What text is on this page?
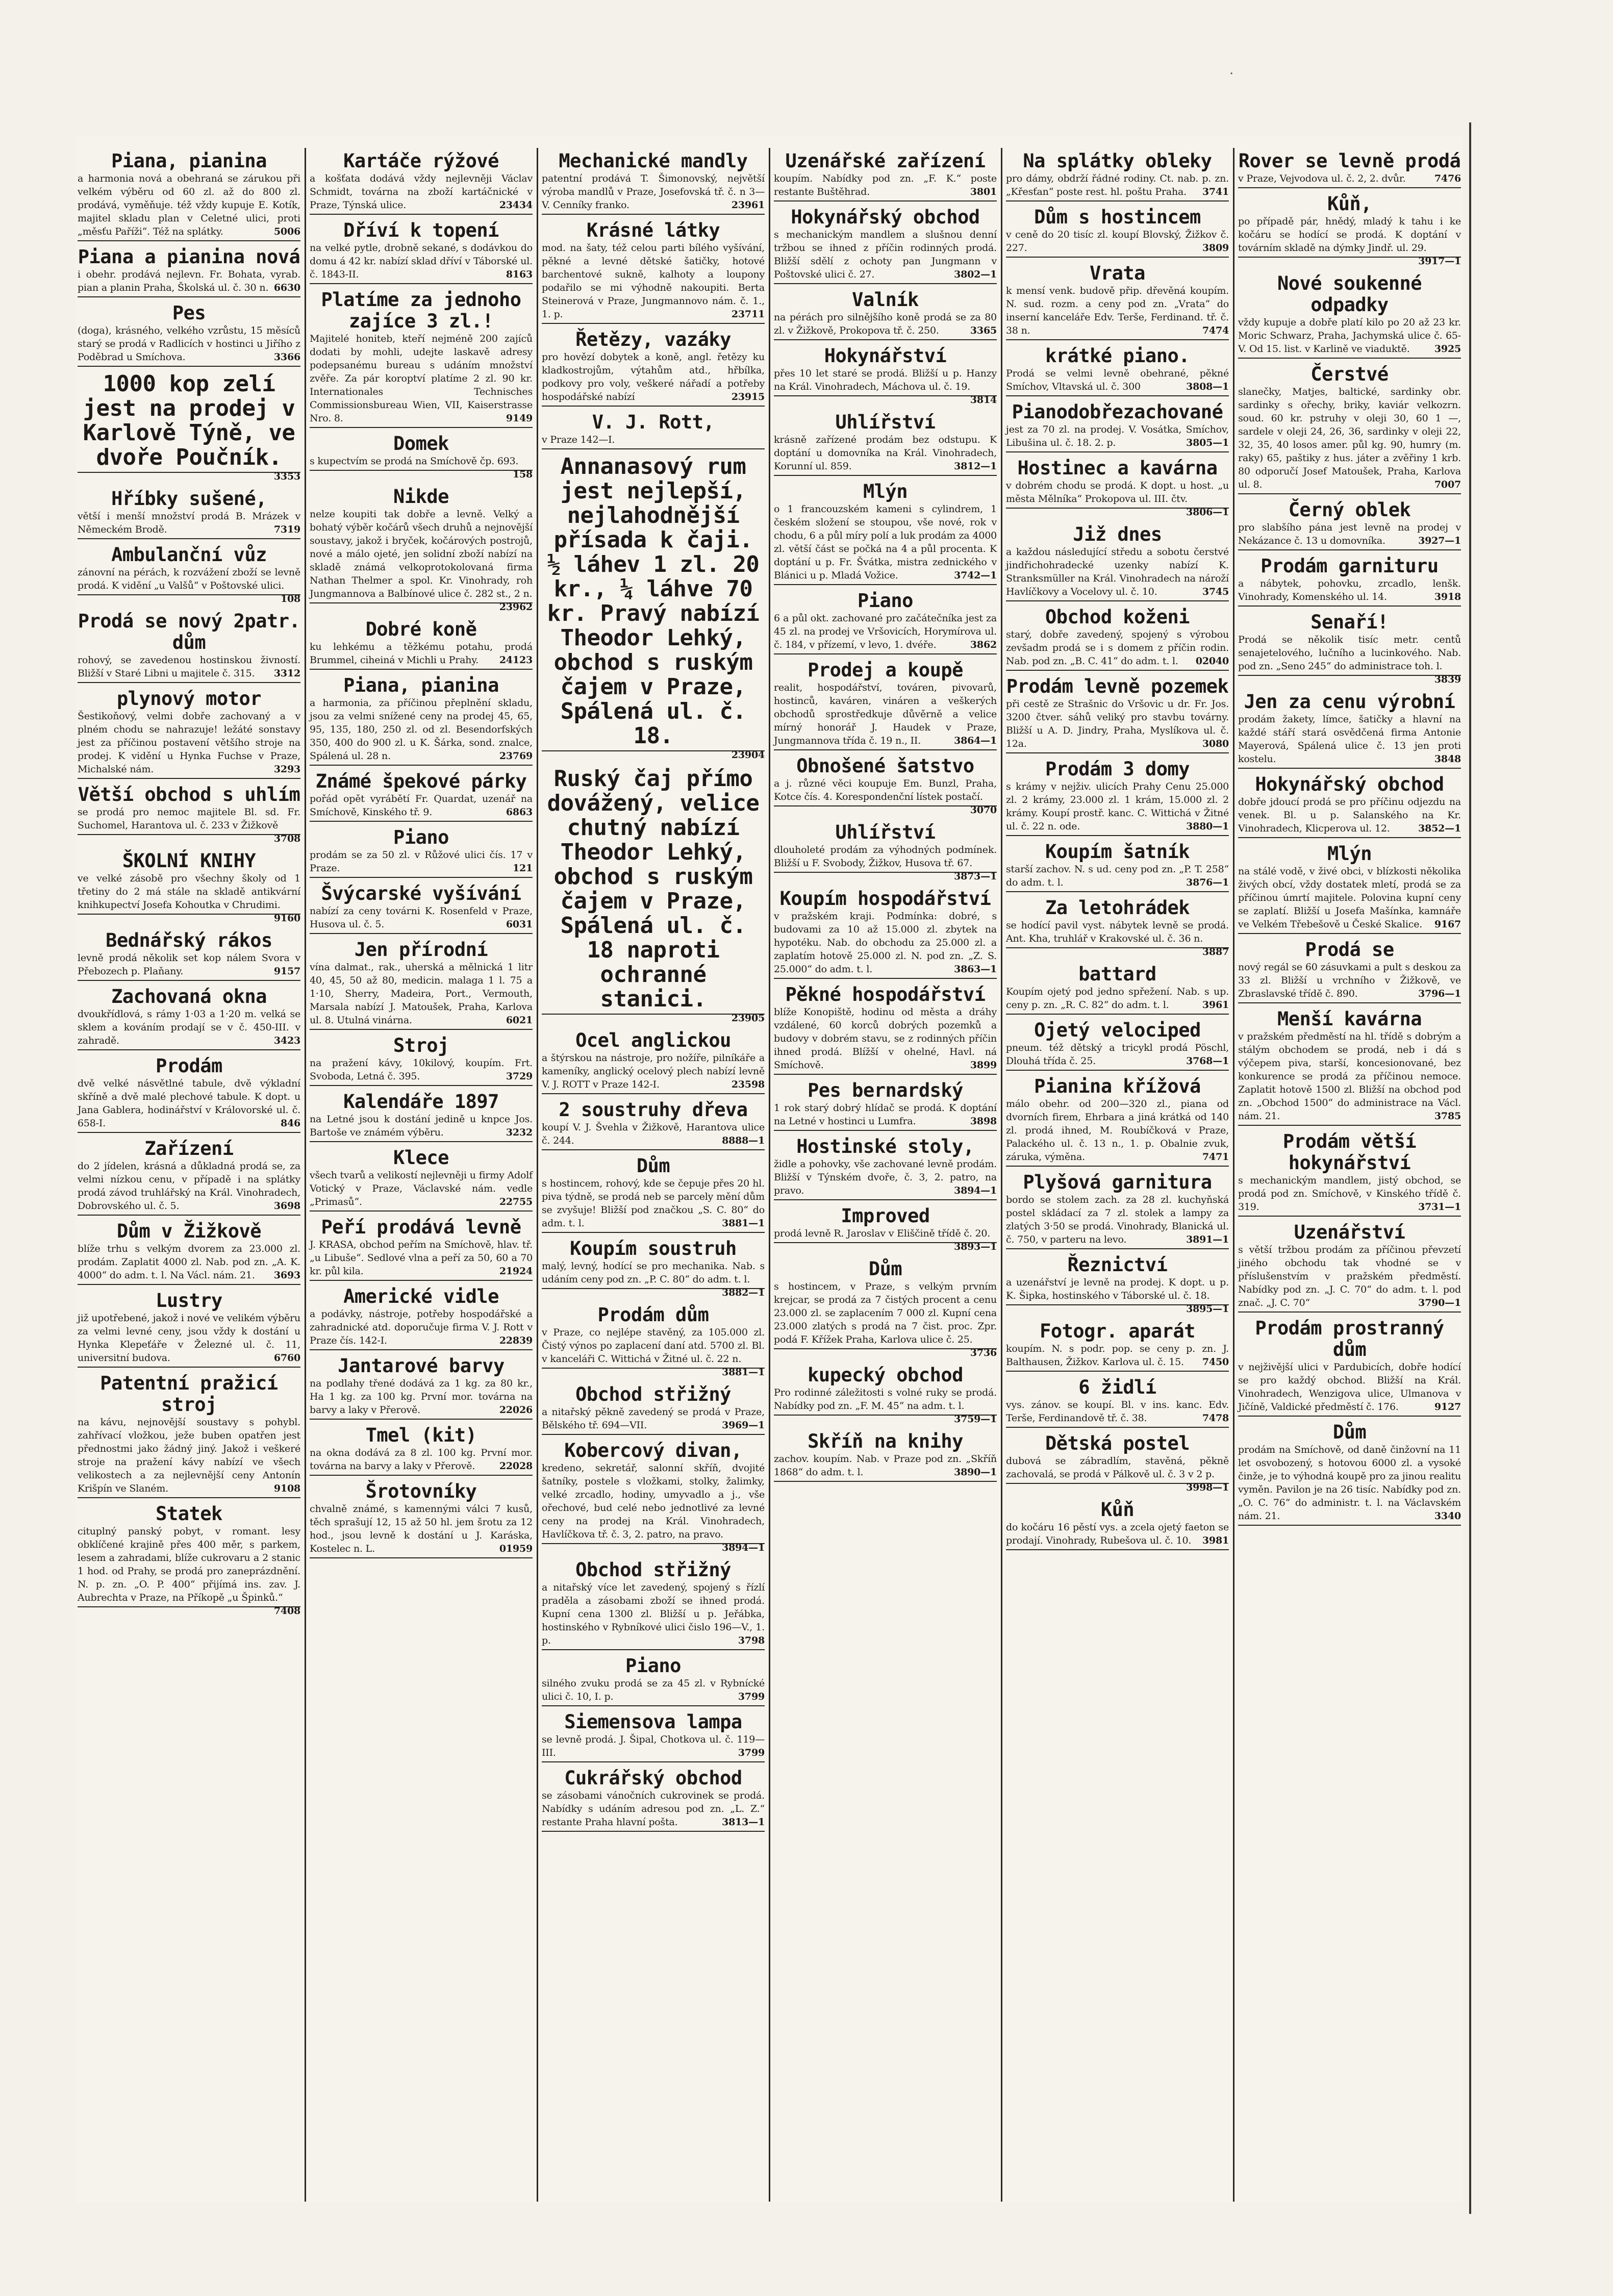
·
Piana, pianina

a harmonia nová a obehraná se zárukou při velkém výběru od 60 zl. až do 800 zl. prodává, vyměňuje. též vždy kupuje E. Kotík, majitel skladu plan v Celetné ulici, proti „měsťu Paříži“. Též na splátky.	5006

Piana a pianina nová

i obehr. prodává nejlevn. Fr. Bohata, vyrab. pian a planin Praha, Školská ul. č. 30 n. 6630

Pes

(doga), krásného, velkého vzrůstu, 15 měsíců starý se prodá v Radlicích v hostinci u Jiřího z Poděbrad u Smíchova.	3366

1000 kop zelí jest na prodej v Karlově Týně, ve dvoře Poučník.

3353

Hříbky sušené,

větší i menší množství prodá B. Mrázek v Německém Brodě.	7319

Ambulanční vůz

zánovní na pérách, k rozvážení zboží se levně prodá. K vidění „u Valšů“ v Poštovské ulici.
108

Prodá se nový 2patr. dům

rohový, se zavedenou hostinskou živností. Bližší v Staré Libni u majitele č. 315. 3312

plynový motor

Šestikoňový, velmi dobře zachovaný a v plném chodu se nahrazuje! ležáté sonstavy jest za příčinou postavení většího stroje na prodej. K vidění u Hynka Fuchse v Praze, Michalské nám.	3293

Větší obchod s uhlím

se prodá pro nemoc majitele Bl. sd. Fr. Suchomel, Harantova ul. č. 233 v Žižkově
3708

ŠKOLNÍ KNIHY

ve velké zásobě pro všechny školy od 1 třetiny do 2 má stále na skladě antikvární knihkupectví Josefa Kohoutka v Chrudimi.
9160

Bednářský rákos

levně prodá několik set kop nálem Svora v Přebozech p. Plaňany.	9157

Zachovaná okna

dvoukřídlová, s rámy 1·03 a 1·20 m. velká se sklem a kováním prodají se v č. 450-III. v zahradě.	3423

Prodám

dvě velké násvětlné tabule, dvě výkladní skříně a dvě malé plechové tabule. K dopt. u Jana Gablera, hodinářství v Královorské ul. č. 658-I.	846

Zařízení

do 2 jídelen, krásná a důkladná prodá se, za velmi nízkou cenu, v případě i na splátky prodá závod truhlářský na Král. Vinohradech, Dobrovského ul. č. 5.	3698

Dům v Žižkově

blíže trhu s velkým dvorem za 23.000 zl. prodám. Zaplatit 4000 zl. Nab. pod zn. „A. K. 4000“ do adm. t. l. Na Václ. nám. 21. 3693

Lustry

již upotřebené, jakož i nové ve velikém výběru za velmi levné ceny, jsou vždy k dostání u Hynka Klepeťáře v Železné ul. č. 11, universitní budova.	6760

Patentní pražicí stroj

na kávu, nejnovější soustavy s pohybl. zahřívací vložkou, ježe buben opatřen jest přednostmi jako žádný jiný. Jakož i veškeré stroje na pražení kávy nabízí ve všech velikostech a za nejlevnější ceny Antonín Krišpín ve Slaném.	9108

Statek

cituplný panský pobyt, v romant. lesy obklíčené krajině přes 400 měr, s parkem, lesem a zahradami, blíže cukrovaru a 2 stanic 1 hod. od Prahy, se prodá pro zaneprázdnění. N. p. zn. „O. P. 400“ přijímá ins. zav. J. Aubrechta v Praze, na Příkopě „u Špinků.“
7408

Kartáče rýžové

a košťata dodává vždy nejlevněji Václav Schmidt, továrna na zboží kartáčnické v Praze, Týnská ulice.	23434

Dříví k topení

na velké pytle, drobně sekané, s dodávkou do domu á 42 kr. nabízí sklad dříví v Táborské ul. č. 1843-II.	8163

Platíme za jednoho zajíce 3 zl.!

Majitelé honiteb, kteří nejméně 200 zajíců dodati by mohli, udejte laskavě adresy podepsanému bureau s udáním množství zvěře. Za pár koroptví platíme 2 zl. 90 kr. Internationales Technisches Commissionsbureau Wien, VII, Kaiserstrasse Nro. 8.	9149

Domek

s kupectvím se prodá na Smíchově čp. 693.
158

Nikde

nelze koupiti tak dobře a levně. Velký a bohatý výběr kočárů všech druhů a nejnovější soustavy, jakož i bryček, kočárových postrojů, nové a málo ojeté, jen solidní zboží nabízí na skladě známá velkoprotokolovaná firma Nathan Thelmer a spol. Kr. Vinohrady, roh Jungmannova a Balbínové ulice č. 282 st., 2 n.
23962

Dobré koně

ku lehkému a těžkému potahu, prodá Brummel, ciheiná v Michli u Prahy. 24123

Piana, pianina

a harmonia, za příčinou přeplnění skladu, jsou za velmi snížené ceny na prodej 45, 65, 95, 135, 180, 250 zl. od zl. Besendorfských 350, 400 do 900 zl. u K. Šárka, sond. znalce, Spálená ul. 28 n.	23769

Známé špekové párky

pořád opět vyrábětí Fr. Quardat, uzenář na Smíchově, Kinského tř. 9.	6863

Piano

prodám se za 50 zl. v Růžové ulici čís. 17 v Praze.	121

Švýcarské vyšívání

nabízí za ceny továrni K. Rosenfeld v Praze, Husova ul. č. 5.	6031

Jen přírodní

vína dalmat., rak., uherská a mělnická 1 litr 40, 45, 50 až 80, medicin. malaga 1 l. 75 a 1·10, Sherry, Madeira, Port., Vermouth, Marsala nabízí J. Matoušek, Praha, Karlova ul. 8. Utulná vinárna.	6021

Stroj

na pražení kávy, 10kilový, koupím. Frt. Svoboda, Letná č. 395.	3729

Kalendáře 1897

na Letné jsou k dostání jedině u knpce Jos. Bartoše ve známém výběru.	3232

Klece

všech tvarů a velikostí nejlevněji u firmy Adolf Votický v Praze, Václavské nám. vedle „Primasů“.	22755

Peří prodává levně

J. KRASA, obchod peřím na Smíchově, hlav. tř. „u Libuše“. Sedlové vlna a peří za 50, 60 a 70 kr. půl kila.	21924

Americké vidle

a podávky, nástroje, potřeby hospodářské a zahradnické atd. doporučuje firma V. J. Rott v Praze čís. 142-I.	22839

Jantarové barvy

na podlahy třené dodává za 1 kg. za 80 kr., Ha 1 kg. za 100 kg. První mor. továrna na barvy a laky v Přerově.	22026

Tmel (kit)

na okna dodává za 8 zl. 100 kg. První mor. továrna na barvy a laky v Přerově.	22028

Šrotovníky

chvalně známé, s kamennými válci 7 kusů, těch sprašují 12, 15 až 50 hl. jem šrotu za 12 hod., jsou levně k dostání u J. Karáska, Kostelec n. L.	01959

Mechanické mandly

patentní prodává T. Šimonovský, největší výroba mandlů v Praze, Josefovská tř. č. n 3—V. Cenníky franko.	23961

Krásné látky

mod. na šaty, též celou parti bílého vyšívání, pěkné a levné dětské šatičky, hotové barchentové sukně, kalhoty a loupony podařilo se mi výhodně nakoupiti. Berta Steinerová v Praze, Jungmannovo nám. č. 1., 1. p.	23711

Řetězy, vazáky

pro hovězí dobytek a koně, angl. řetězy ku kladkostrojům, výtahům atd., hřbílka, podkovy pro voly, veškeré nářadí a potřeby hospodářské nabízí	23915

V. J. Rott,

v Praze 142—I.

Annanasový rum jest nejlepší, nejlahodnější přísada k čaji. ½ láhev 1 zl. 20 kr., ¼ láhve 70 kr. Pravý nabízí Theodor Lehký, obchod s ruským čajem v Praze, Spálená ul. č. 18.

23904

Ruský čaj přímo dovážený, velice chutný nabízí Theodor Lehký, obchod s ruským čajem v Praze, Spálená ul. č. 18 naproti ochranné stanici.

23905

Ocel anglickou

a štýrskou na nástroje, pro nožíře, pilníkáře a kameníky, anglický ocelový plech nabízí levně V. J. ROTT v Praze 142-I.	23598

2 soustruhy dřeva

koupí V. J. Švehla v Žižkově, Harantova ulice č. 244.	8888—1

Dům

s hostincem, rohový, kde se čepuje přes 20 hl. piva týdně, se prodá neb se parcely mění dům se zvyšuje! Bližší pod značkou „S. C. 80“ do adm. t. l.	3881—1

Koupím soustruh

malý, levný, hodící se pro mechanika. Nab. s udáním ceny pod zn. „P. C. 80“ do adm. t. l.
3882—1

Prodám dům

v Praze, co nejlépe stavěný, za 105.000 zl. Čistý výnos po zaplacení daní atd. 5700 zl. Bl. v kanceláři C. Wittichá v Žitné ul. č. 22 n.
3881—1

Obchod střižný

a nitařský pěkně zavedený se prodá v Praze, Bělského tř. 694—VII.	3969—1

Kobercový divan,

kredeno, sekretář, salonní skříň, dvojité šatníky, postele s vložkami, stolky, žalimky, velké zrcadlo, hodiny, umyvadlo a j., vše ořechové, bud celé nebo jednotlivé za levné ceny na prodej na Král. Vinohradech, Havlíčkova tř. č. 3, 2. patro, na pravo.
3894—1

Obchod střižný

a nitařský více let zavedený, spojený s řízlí praděla a zásobami zboží se ihned prodá. Kupní cena 1300 zl. Bližší u p. Jeřábka, hostinského v Rybníkové ulici čislo 196—V., 1. p.	3798

Piano

silného zvuku prodá se za 45 zl. v Rybnícké ulici č. 10, I. p.	3799

Siemensova lampa

se levně prodá. J. Šipal, Chotkova ul. č. 119—III.	3799

Cukrářský obchod

se zásobami vánočních cukrovinek se prodá. Nabídky s udáním adresou pod zn. „L. Z.“ restante Praha hlavní pošta.	3813—1

Uzenářské zařízení

koupím. Nabídky pod zn. „F. K.“ poste restante Buštěhrad.	3801

Hokynářský obchod

s mechanickým mandlem a slušnou denní tržbou se ihned z příčin rodinných prodá. Bližší sdělí z ochoty pan Jungmann v Poštovské ulici č. 27.	3802—1

Valník

na pérách pro silnějšího koně prodá se za 80 zl. v Žižkově, Prokopova tř. č. 250.	3365

Hokynářství

přes 10 let staré se prodá. Bližší u p. Hanzy na Král. Vinohradech, Máchova ul. č. 19.
3814

Uhlířství

krásně zařízené prodám bez odstupu. K doptání u domovníka na Král. Vinohradech, Korunní ul. 859.	3812—1

Mlýn

o 1 francouzském kameni s cylindrem, 1 českém složení se stoupou, vše nové, rok v chodu, 6 a půl míry polí a luk prodám za 4000 zl. větší část se počká na 4 a půl procenta. K doptání u p. Fr. Švátka, mistra zednického v Blánici u p. Mladá Vožice.	3742—1

Piano

6 a půl okt. zachované pro začátečníka jest za 45 zl. na prodej ve Vršovicích, Horymírova ul. č. 184, v přízemí, v levo, 1. dvéře.	3862

Prodej a koupě

realit, hospodářství, továren, pivovarů, hostinců, kaváren, vináren a veškerých obchodů sprostředkuje důvěrně a velice mírný honorář J. Haudek v Praze, Jungmannova třída č. 19 n., II.	3864—1

Obnošené šatstvo

a j. různé věci koupuje Em. Bunzl, Praha, Kotce čís. 4. Korespondenční lístek postačí.
3070

Uhlířství

dlouholeté prodám za výhodných podmínek. Bližší u F. Svobody, Žižkov, Husova tř. 67.
3873—1

Koupím hospodářství

v pražském kraji. Podmínka: dobré, s budovami za 10 až 15.000 zl. zbytek na hypotéku. Nab. do obchodu za 25.000 zl. a zaplatím hotově 25.000 zl. N. pod zn. „Z. S. 25.000“ do adm. t. l.	3863—1

Pěkné hospodářství

blíže Konopiště, hodinu od města a dráhy vzdálené, 60 korců dobrých pozemků a budovy v dobrém stavu, se z rodinných příčin ihned prodá. Blížší v ohelné, Havl. ná Smíchově.	3899

Pes bernardský

1 rok starý dobrý hlídač se prodá. K doptání na Letné v hostinci u Lumfra.	3898

Hostinské stoly,

židle a pohovky, vše zachované levně prodám. Bližší v Týnském dvoře, č. 3, 2. patro, na pravo.	3894—1

Improved

prodá levně R. Jaroslav v Eliščině třídě č. 20.
3893—1

Dům

s hostincem, v Praze, s velkým prvním krejcar, se prodá za 7 čistých procent a cenu 23.000 zl. se zaplacením 7 000 zl. Kupní cena 23.000 zlatých s prodá na 7 čist. proc. Zpr. podá F. Křížek Praha, Karlova ulice č. 25.
3736

kupecký obchod

Pro rodinné záležitosti s volné ruky se prodá. Nabídky pod zn. „F. M. 45“ na adm. t. l.
3759—1

Skříň na knihy

zachov. koupím. Nab. v Praze pod zn. „Skříň 1868“ do adm. t. l.	3890—1

Na splátky obleky

pro dámy, obdrží řádné rodiny. Ct. nab. p. zn. „Křesťan“ poste rest. hl. poštu Praha. 3741

Dům s hostincem

v ceně do 20 tisíc zl. koupí Blovský, Žižkov č. 227.	3809

Vrata

k mensí venk. budově přip. dřevěná koupím. N. sud. rozm. a ceny pod zn. „Vrata“ do inserní kanceláře Edv. Terše, Ferdinand. tř. č. 38 n.	7474

krátké piano.

Prodá se velmi levně obehrané, pěkné Smíchov, Vltavská ul. č. 300	3808—1

Pianodobřezachované

jest za 70 zl. na prodej. V. Vosátka, Smíchov, Libušina ul. č. 18. 2. p.	3805—1

Hostinec a kavárna

v dobrém chodu se prodá. K dopt. u host. „u města Mělníka“ Prokopova ul. III. čtv.
3806—1

Již dnes

a každou následující středu a sobotu čerstvé jindřichohradecké uzenky nabízí K. Stranksmüller na Král. Vinohradech na nároží Havlíčkovy a Vocelovy ul. č. 10.	3745

Obchod koženi

starý, dobře zavedený, spojený s výrobou zevšadm prodá se i s domem z příčin rodin. Nab. pod zn. „B. C. 41“ do adm. t. l. 02040

Prodám levně pozemek

při cestě ze Strašnic do Vršovic u dr. Fr. Jos. 3200 čtver. sáhů veliký pro stavbu továrny. Bližší u A. D. Jindry, Praha, Myslíkova ul. č. 12a.	3080

Prodám 3 domy

s krámy v nejživ. ulicích Prahy Cenu 25.000 zl. 2 krámy, 23.000 zl. 1 krám, 15.000 zl. 2 krámy. Koupí prostř. kanc. C. Wittichá v Žitné ul. č. 22 n. ode.	3880—1

Koupím šatník

starší zachov. N. s ud. ceny pod zn. „P. T. 258“ do adm. t. l.	3876—1

Za letohrádek

se hodící pavil vyst. nábytek levně se prodá. Ant. Kha, truhlář v Krakovské ul. č. 36 n.
3887

battard

Koupím ojetý pod jedno spřežení. Nab. s up. ceny p. zn. „R. C. 82“ do adm. t. l.	3961

Ojetý velociped

pneum. též dětský a tricykl prodá Pöschl, Dlouhá třída č. 25.	3768—1

Pianina křížová

málo obehr. od 200—320 zl., piana od dvorních firem, Ehrbara a jiná krátká od 140 zl. prodá ihned, M. Roubíčková v Praze, Palackého ul. č. 13 n., 1. p. Obalnie zvuk, záruka, výměna.	7471

Plyšová garnitura

bordo se stolem zach. za 28 zl. kuchyňská postel skládací za 7 zl. stolek a lampy za zlatých 3·50 se prodá. Vinohrady, Blanická ul. č. 750, v parteru na levo.	3891—1

Řeznictví

a uzenářství je levně na prodej. K dopt. u p. K. Šipka, hostinského v Táborské ul. č. 18.
3895—1

Fotogr. aparát

koupím. N. s podr. pop. se ceny p. zn. J. Balthausen, Žižkov. Karlova ul. č. 15. 7450

6 židlí

vys. zánov. se koupí. Bl. v ins. kanc. Edv. Terše, Ferdinandově tř. č. 38.	7478

Dětská postel

dubová se zábradlím, stavěná, pěkně zachovalá, se prodá v Pálkově ul. č. 3 v 2 p.
3998—1

Kůň

do kočáru 16 pěstí vys. a zcela ojetý faeton se prodají. Vinohrady, Rubešova ul. č. 10. 3981

Rover se levně prodá

v Praze, Vejvodova ul. č. 2, 2. dvůr.	7476

Kůň,

po případě pár, hnědý, mladý k tahu i ke kočáru se hodící se prodá. K doptání v továrním skladě na dýmky Jindř. ul. 29.
3917—1

Nové soukenné odpadky

vždy kupuje a dobře platí kilo po 20 až 23 kr. Moric Schwarz, Praha, Jachymská ulice č. 65-V. Od 15. list. v Karlině ve viaduktě.	3925

Čerstvé

slanečky, Matjes, baltické, sardinky obr. sardinky s ořechy, briky, kaviár velkozrn. soud. 60 kr. pstruhy v oleji 30, 60 1 —, sardele v oleji 24, 26, 36, sardinky v oleji 22, 32, 35, 40 losos amer. půl kg. 90, humry (m. raky) 65, paštiky z hus. játer a zvěřiny 1 krb. 80 odporučí Josef Matoušek, Praha, Karlova ul. 8.	7007

Černý oblek

pro slabšího pána jest levně na prodej v Nekázance č. 13 u domovníka.	3927—1

Prodám garnituru

a nábytek, pohovku, zrcadlo, lenšk. Vinohrady, Komenského ul. 14.	3918

Senaří!

Prodá se několik tisíc metr. centů senajetelového, lučního a lucinkového. Nab. pod zn. „Seno 245“ do administrace toh. l.
3839

Jen za cenu výrobní

prodám žakety, límce, šatičky a hlavní na každé stáří stará osvědčená firma Antonie Mayerová, Spálená ulice č. 13 jen proti kostelu.	3848

Hokynářský obchod

dobře jdoucí prodá se pro příčinu odjezdu na venek. Bl. u p. Salanského na Kr. Vinohradech, Klicperova ul. 12.	3852—1

Mlýn

na stálé vodě, v živé obci, v blízkosti několika živých obcí, vždy dostatek mletí, prodá se za příčinou úmrtí majitele. Polovina kupní ceny se zaplatí. Bližší u Josefa Mašínka, kamnáře ve Velkém Třebešově u České Skalice. 9167

Prodá se

nový regál se 60 zásuvkami a pult s deskou za 33 zl. Bližší u vrchního v Žižkově, ve Zbraslavské třídě č. 890.	3796—1

Menší kavárna

v pražském předměstí na hl. třídě s dobrým a stálým obchodem se prodá, neb i dá s výčepem piva, starší, koncesionované, bez konkurence se prodá za příčinou nemoce. Zaplatit hotově 1500 zl. Bližší na obchod pod zn. „Obchod 1500“ do administrace na Václ. nám. 21.	3785

Prodám větší hokynářství

s mechanickým mandlem, jistý obchod, se prodá pod zn. Smíchově, v Kinského třídě č. 319.	3731—1

Uzenářství

s větší tržbou prodám za příčinou převzetí jiného obchodu tak vhodné se v příslušenstvím v pražském předměstí. Nabídky pod zn. „J. C. 70“ do adm. t. l. pod znač. „J. C. 70“	3790—1

Prodám prostranný dům

v nejživější ulici v Pardubicích, dobře hodící se pro každý obchod. Bližší na Král. Vinohradech, Wenzigova ulice, Ulmanova v Jičíně, Valdické předměstí č. 176.	9127

Dům

prodám na Smíchově, od daně činžovní na 11 let osvobozený, s hotovou 6000 zl. a vysoké činže, je to výhodná koupě pro za jinou realitu vyměn. Pavilon je na 26 tisíc. Nabídky pod zn. „O. C. 76“ do administr. t. l. na Václavském nám. 21.	3340
